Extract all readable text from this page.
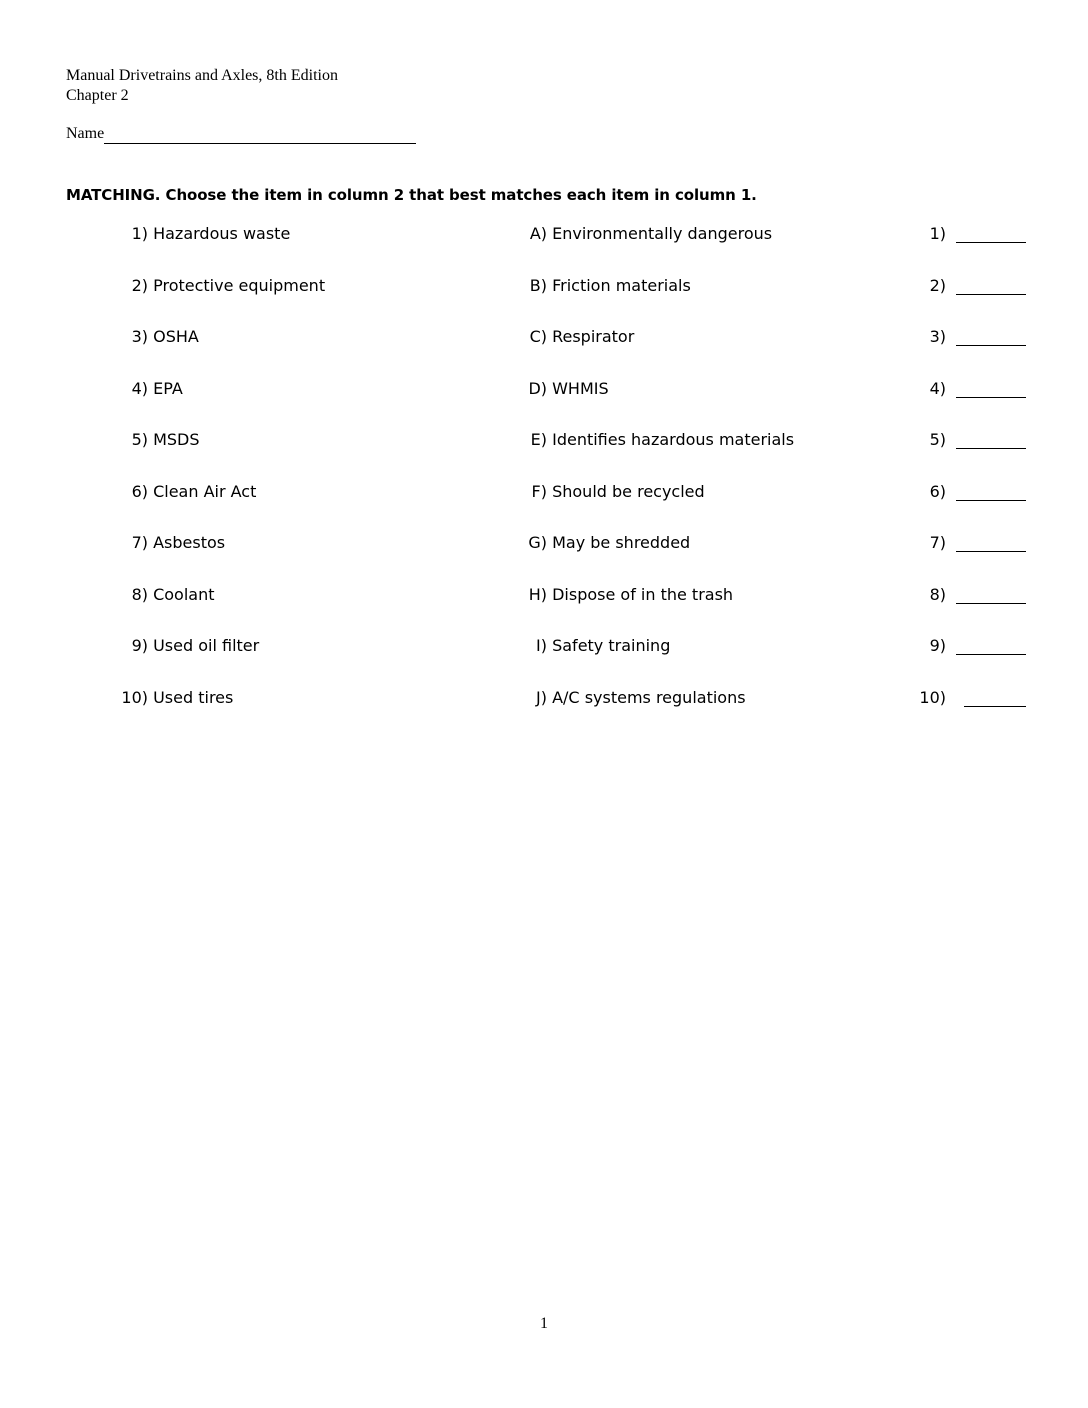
Manual Drivetrains and Axles, 8th Edition
Chapter 2
Name
MATCHING. Choose the item in column 2 that best matches each item in column 1.
1) Hazardous waste	A) Environmentally dangerous	1)
2) Protective equipment	B) Friction materials	2)
3) OSHA	C) Respirator	3)
4) EPA	D) WHMIS	4)
5) MSDS	E) Identifies hazardous materials	5)
6) Clean Air Act	F) Should be recycled	6)
7) Asbestos	G) May be shredded	7)
8) Coolant	H) Dispose of in the trash	8)
9) Used oil filter	I) Safety training	9)
10) Used tires	J) A/C systems regulations	10)
1
